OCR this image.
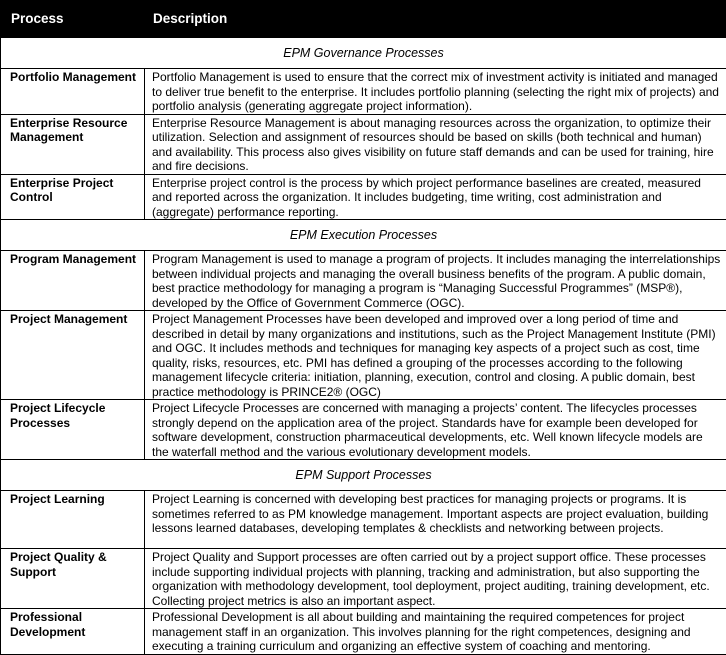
Process	Description
EPM Governance Processes	
Portfolio Management	Portfolio Management is used to ensure that the correct mix of investment activity is initiated and managed to deliver true benefit to the enterprise. It includes portfolio planning (selecting the right mix of projects) and portfolio analysis (generating aggregate project information).
Enterprise Resource Management	Enterprise Resource Management is about managing resources across the organization, to optimize their utilization. Selection and assignment of resources should be based on skills (both technical and human) and availability. This process also gives visibility on future staff demands and can be used for training, hire and fire decisions.
Enterprise Project Control	Enterprise project control is the process by which project performance baselines are created, measured and reported across the organization. It includes budgeting, time writing, cost administration and (aggregate) performance reporting.
EPM Execution Processes	
Program Management	Program Management is used to manage a program of projects. It includes managing the interrelationships between individual projects and managing the overall business benefits of the program. A public domain, best practice methodology for managing a program is “Managing Successful Programmes” (MSP®), developed by the Office of Government Commerce (OGC).
Project Management	Project Management Processes have been developed and improved over a long period of time and described in detail by many organizations and institutions, such as the Project Management Institute (PMI) and OGC. It includes methods and techniques for managing key aspects of a project such as cost, time quality, risks, resources, etc. PMI has defined a grouping of the processes according to the following management lifecycle criteria: initiation, planning, execution, control and closing. A public domain, best practice methodology is PRINCE2® (OGC)
Project Lifecycle Processes	Project Lifecycle Processes are concerned with managing a projects’ content. The lifecycles processes strongly depend on the application area of the project. Standards have for example been developed for software development, construction pharmaceutical developments, etc. Well known lifecycle models are the waterfall method and the various evolutionary development models.
EPM Support Processes	
Project Learning	Project Learning is concerned with developing best practices for managing projects or programs. It is sometimes referred to as PM knowledge management. Important aspects are project evaluation, building lessons learned databases, developing templates & checklists and networking between projects.
Project Quality & Support	Project Quality and Support processes are often carried out by a project support office. These processes include supporting individual projects with planning, tracking and administration, but also supporting the organization with methodology development, tool deployment, project auditing, training development, etc. Collecting project metrics is also an important aspect.
Professional Development	Professional Development is all about building and maintaining the required competences for project management staff in an organization. This involves planning for the right competences, designing and executing a training curriculum and organizing an effective system of coaching and mentoring.
